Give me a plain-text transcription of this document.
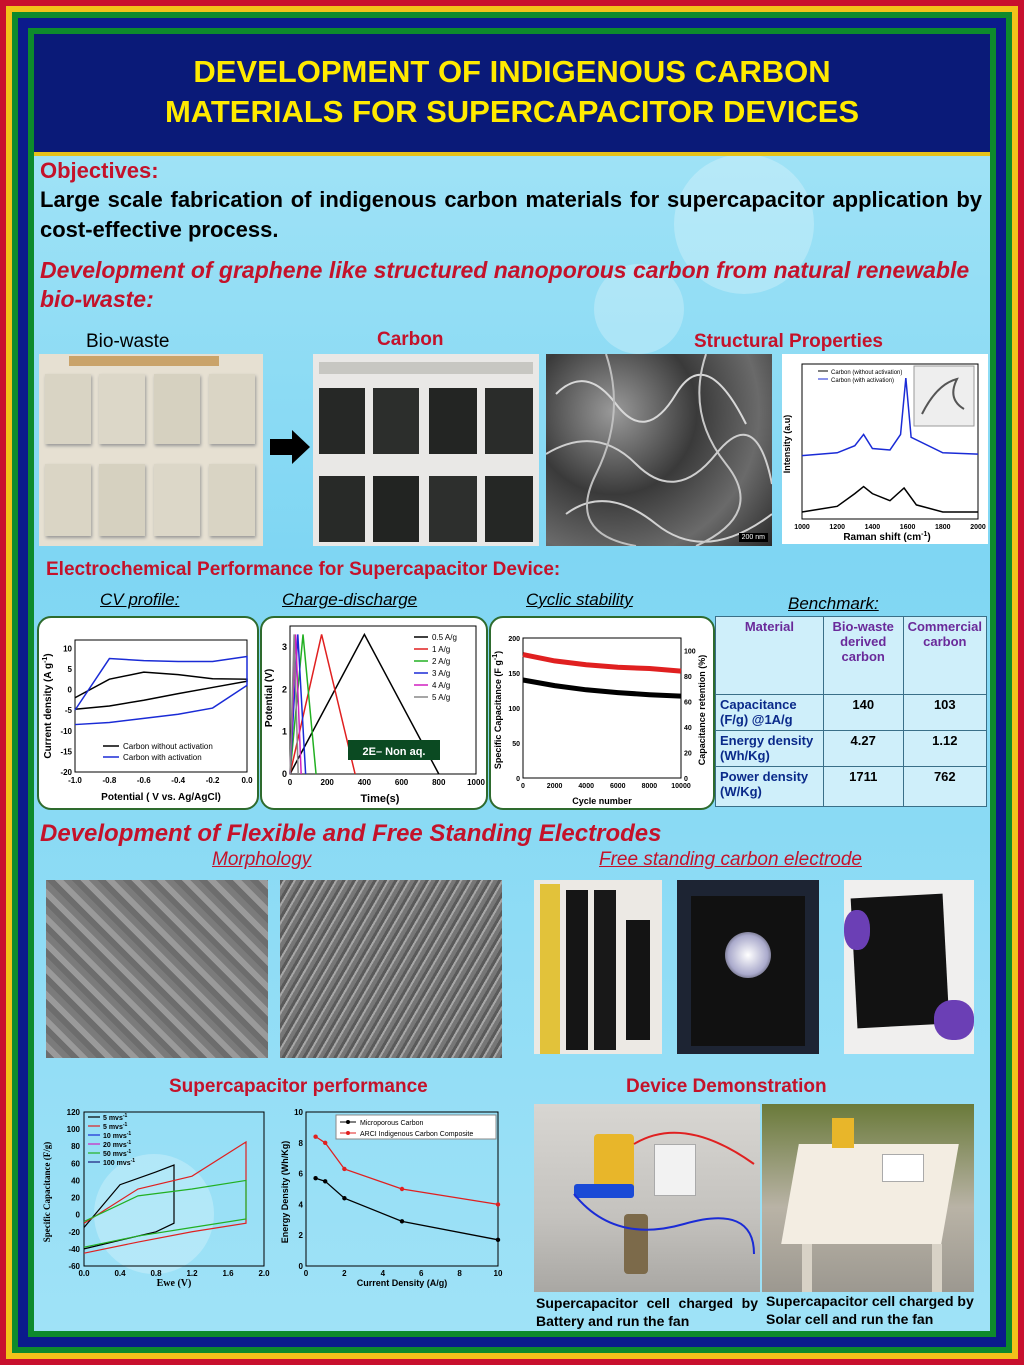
DEVELOPMENT OF INDIGENOUS CARBON
MATERIALS FOR SUPERCAPACITOR DEVICES
Objectives:
Large scale fabrication of indigenous carbon materials for supercapacitor application by cost-effective process.
Development of graphene like structured nanoporous carbon from natural renewable bio-waste:
Bio-waste	Carbon	Structural Properties
200 nm
Intensity (a.u)
Raman shift $(cm^{-1})$
1000	1200	1400	1600	1800	2000
Carbon (without activation)
Carbon (with activation)
Electrochemical Performance for Supercapacitor Device:
CV profile:	Charge-discharge	Cyclic stability	Benchmark:
Current density (A $g^{-1}$)
Potential ( V vs. Ag/AgCl)
10
5
0
-5
-10
-15
-20
-1.0	-0.8	-0.6	-0.4	-0.2	0.0
Carbon without activation
Carbon with activation
Potential (V)
Time(s)
3
2
1
0
0	200	400	600	800	1000
0.5 A/g
1 A/g
2 A/g
3 A/g
4 A/g
5 A/g
2E– Non aq.	Specific Capacitance (F $g^{-1}$)
Capacitance retention (%)
Cycle number
200
150
100
50
0
100
80
60
40
20
0
0	2000 4000 6000 8000 10000
Material	Bio-waste derived carbon	Commercial carbon
Capacitance (F/g) @1A/g	140	103
Energy density (Wh/Kg)	4.27	1.12
Power density (W/Kg)	1711	762
Development of Flexible and Free Standing Electrodes
Morphology	Free standing carbon electrode
Supercapacitor performance	Device Demonstration
Specific Capacitance (F/g)
Ewe (V)
120
100
80
60
40
20
0
-20
-40
-60
0.0	0.4	0.8	1.2	1.6	2.0
5 mvs$^{-1}$
5 mvs$^{-1}$
10 mvs$^{-1}$
20 mvs$^{-1}$
50 mvs$^{-1}$
100 mvs$^{-1}$	Energy Density (Wh/Kg)
Current Density (A/g)
10
8
6
4
2
0
0	2	4	6	8	10
Microporous Carbon
ARCI Indigenous Carbon Composite
Supercapacitor cell charged by Battery and run the fan
Supercapacitor cell charged by Solar cell and run the fan
